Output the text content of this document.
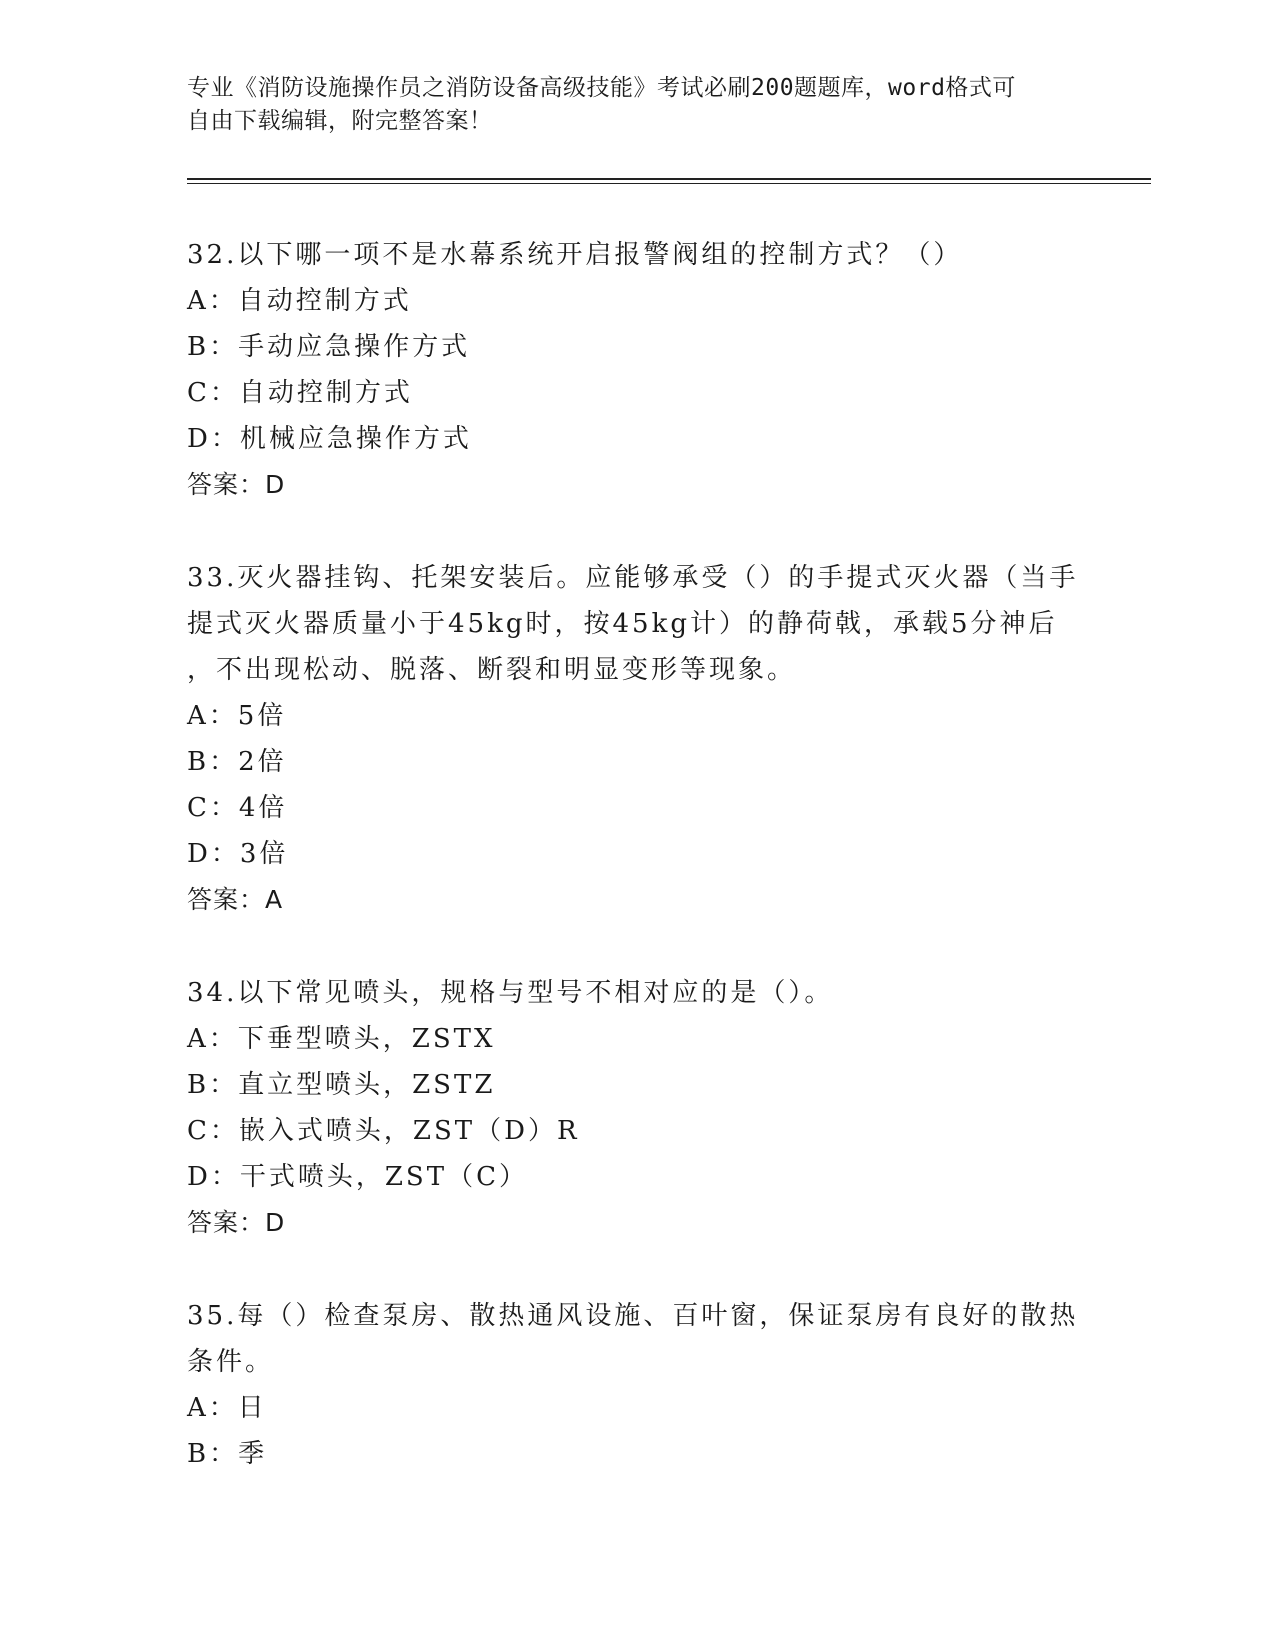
专业《消防设施操作员之消防设备高级技能》考试必刷200题题库，word格式可
自由下载编辑，附完整答案！
32.以下哪一项不是水幕系统开启报警阀组的控制方式？（）
A：自动控制方式
B：手动应急操作方式
C：自动控制方式
D：机械应急操作方式
答案：D
33.灭火器挂钩、托架安装后。应能够承受（）的手提式灭火器（当手
提式灭火器质量小于45kg时，按45kg计）的静荷戟，承载5分神后
，不出现松动、脱落、断裂和明显变形等现象。
A：5倍
B：2倍
C：4倍
D：3倍
答案：A
34.以下常见喷头，规格与型号不相对应的是（）。
A：下垂型喷头，ZSTX
B：直立型喷头，ZSTZ
C：嵌入式喷头，ZST（D）R
D：干式喷头，ZST（C）
答案：D
35.每（）检查泵房、散热通风设施、百叶窗，保证泵房有良好的散热
条件。
A：日
B：季
